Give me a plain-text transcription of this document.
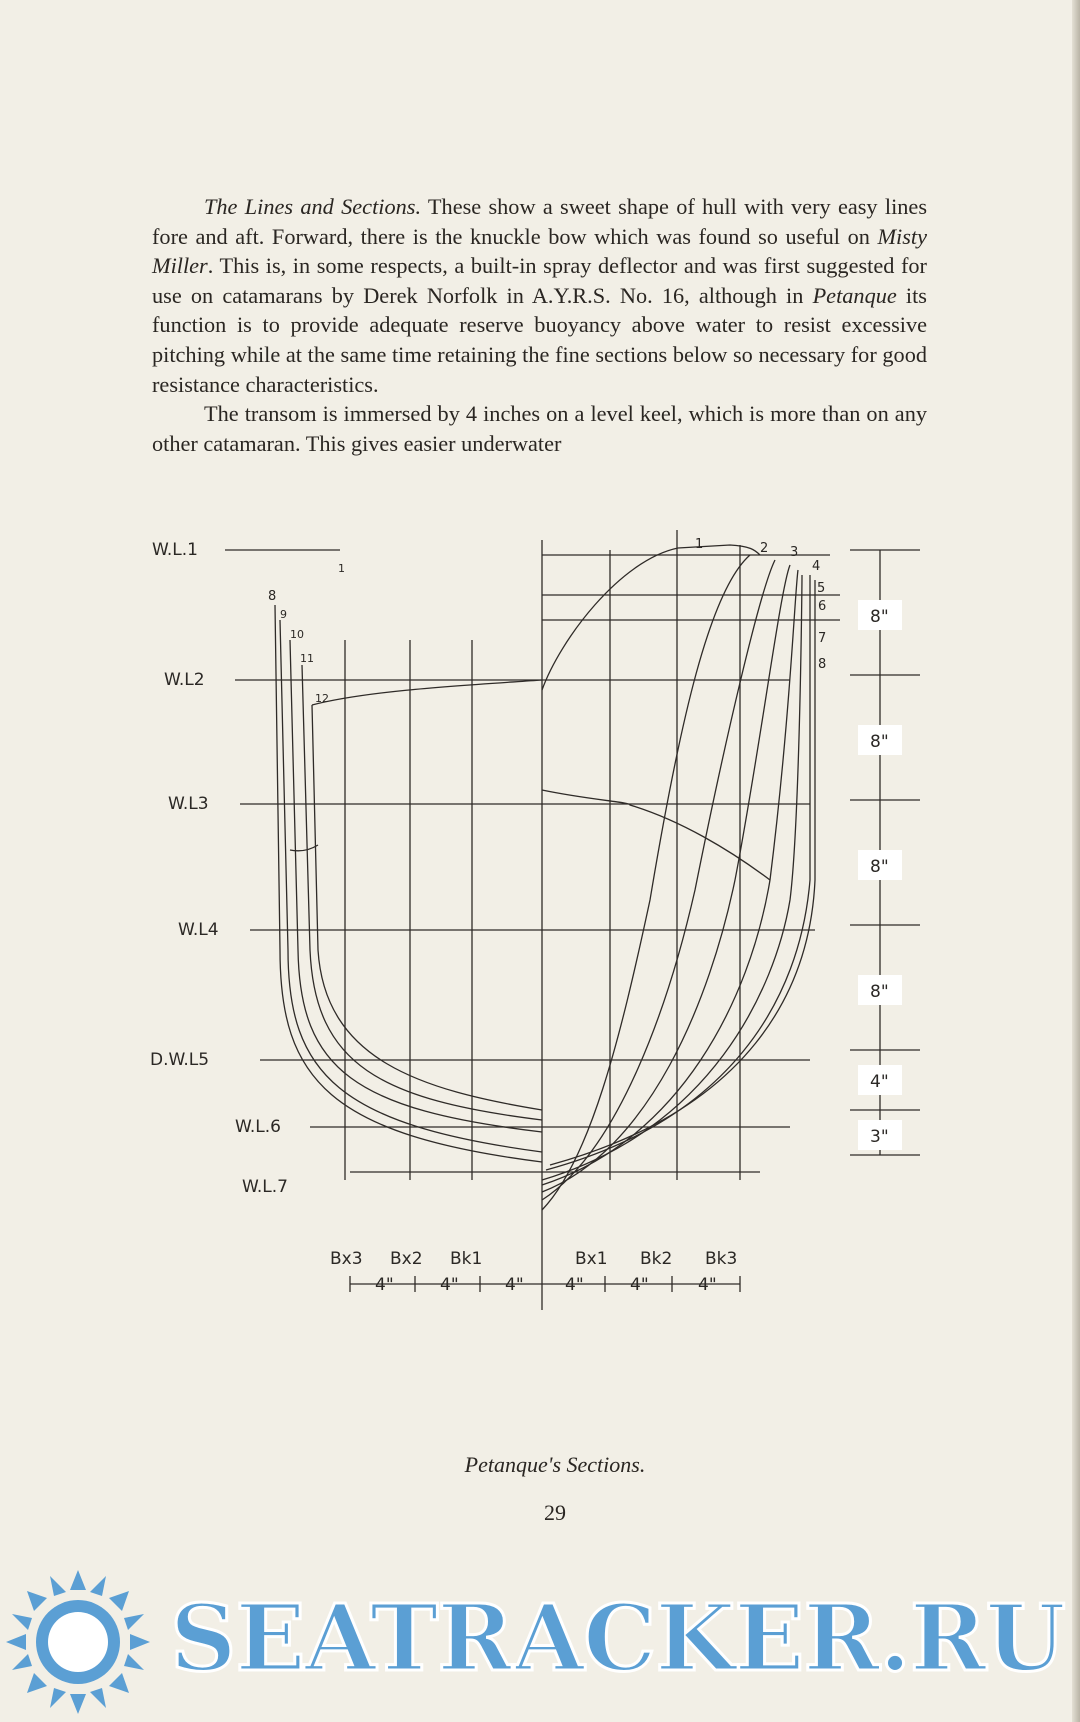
The Lines and Sections. These show a sweet shape of hull with very easy lines fore and aft. Forward, there is the knuckle bow which was found so useful on Misty Miller. This is, in some respects, a built-in spray deflector and was first suggested for use on catamarans by Derek Norfolk in A.Y.R.S. No. 16, although in Petanque its function is to provide adequate reserve buoyancy above water to resist excessive pitching while at the same time retaining the fine sections below so necessary for good resistance characteristics.

The transom is immersed by 4 inches on a level keel, which is more than on any other catamaran. This gives easier underwater

W.L.1
W.L2
W.L3
W.L4
D.W.L5
W.L.6
W.L.7
8"
8"
8"
8"
4"
3"
Bx3 Bx2 Bk1	Bx1 Bk2 Bk3
4"	4"	4" 4"	4"	4"
8
9
10
11
12
1	2 3
4
5
6
7
8
1
Petanque's Sections.
29
SEATRACKER.RU
